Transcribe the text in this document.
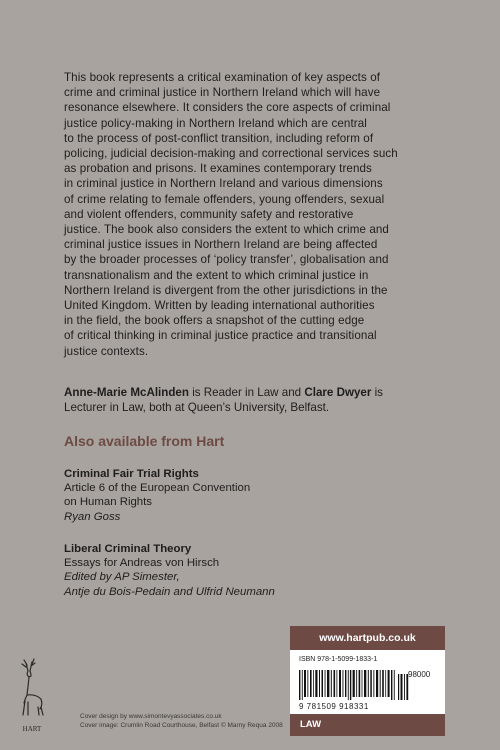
This book represents a critical examination of key aspects of
crime and criminal justice in Northern Ireland which will have
resonance elsewhere. It considers the core aspects of criminal
justice policy-making in Northern Ireland which are central
to the process of post-conflict transition, including reform of
policing, judicial decision-making and correctional services such
as probation and prisons. It examines contemporary trends
in criminal justice in Northern Ireland and various dimensions
of crime relating to female offenders, young offenders, sexual
and violent offenders, community safety and restorative
justice. The book also considers the extent to which crime and
criminal justice issues in Northern Ireland are being affected
by the broader processes of ‘policy transfer’, globalisation and
transnationalism and the extent to which criminal justice in
Northern Ireland is divergent from the other jurisdictions in the
United Kingdom. Written by leading international authorities
in the field, the book offers a snapshot of the cutting edge
of critical thinking in criminal justice practice and transitional
justice contexts.
Anne-Marie McAlinden is Reader in Law and Clare Dwyer is
Lecturer in Law, both at Queen’s University, Belfast.
Also available from Hart
Criminal Fair Trial Rights
Article 6 of the European Convention
on Human Rights
Ryan Goss
Liberal Criminal Theory
Essays for Andreas von Hirsch
Edited by AP Simester,
Antje du Bois-Pedain and Ulfrid Neumann
HART
Cover design by www.simontevyassociates.co.uk
Cover image: Crumlin Road Courthouse, Belfast © Marny Requa 2008
www.hartpub.co.uk
ISBN 978-1-5099-1833-1
98000
9 781509 918331
LAW
